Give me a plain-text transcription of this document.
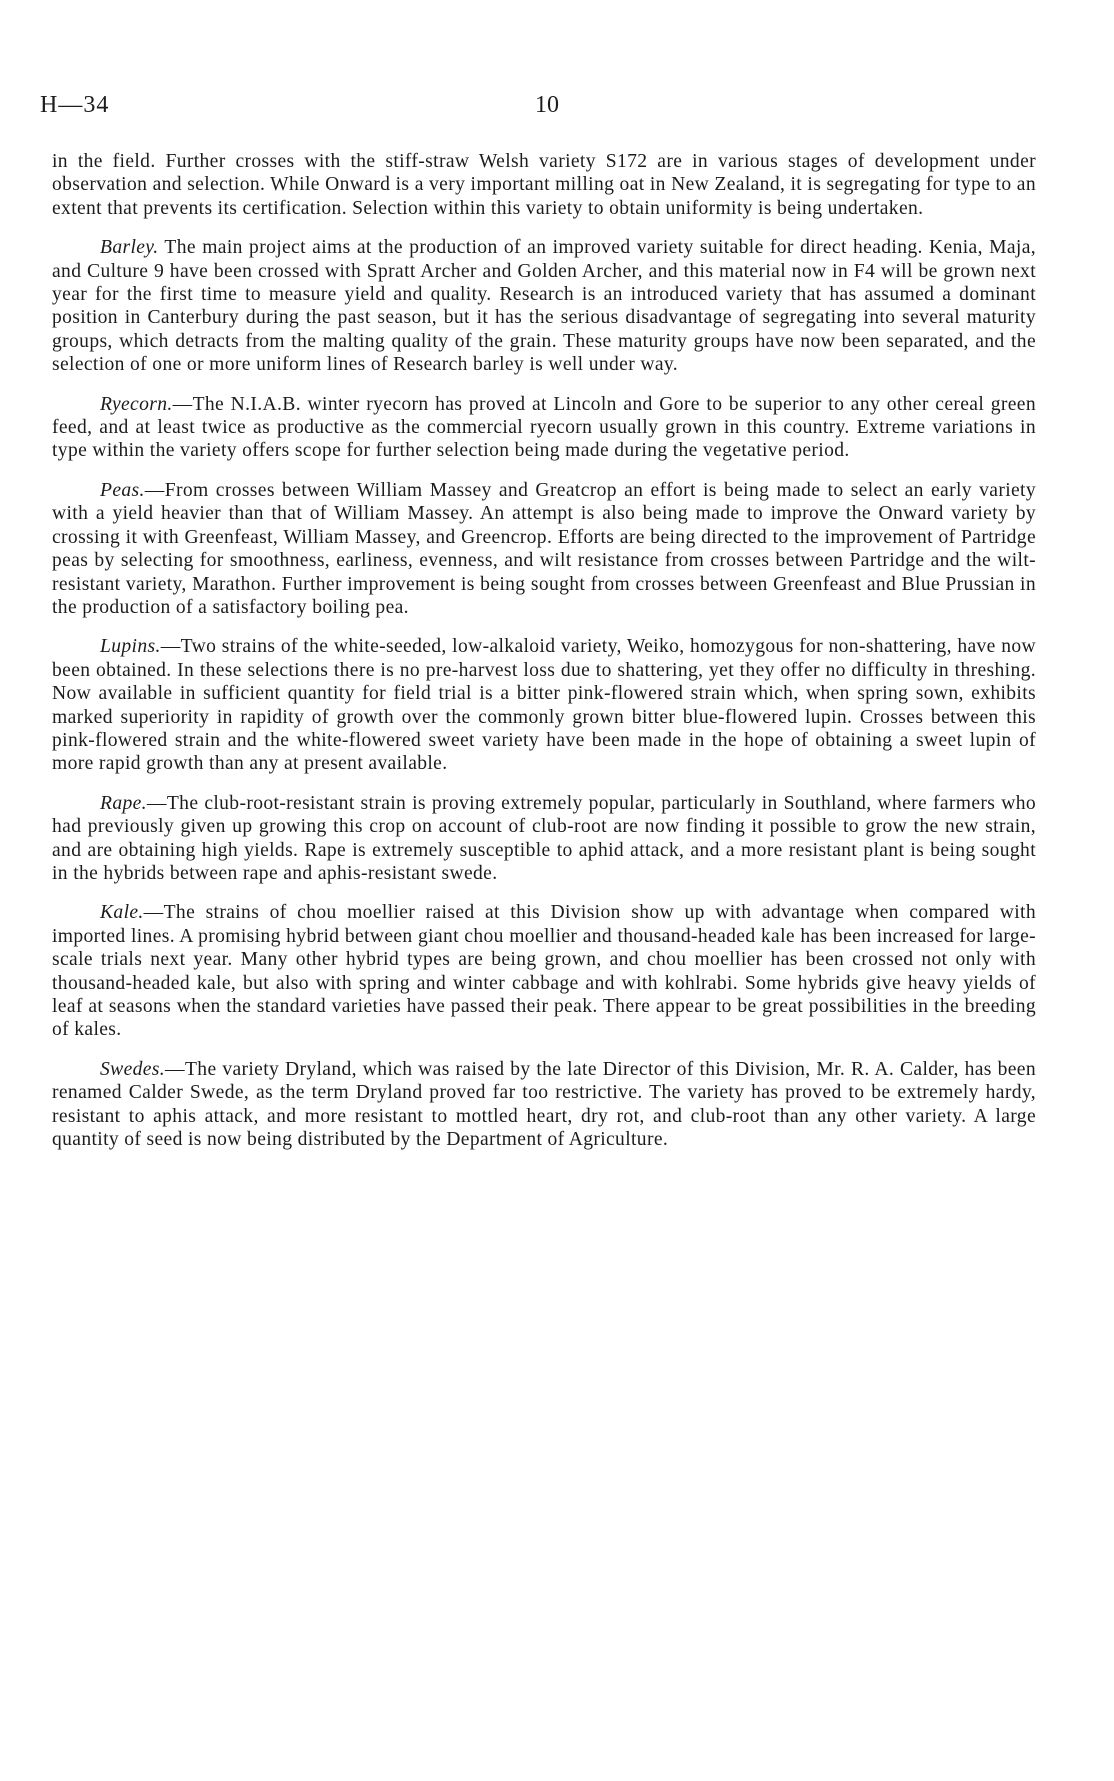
H—34	10

in the field. Further crosses with the stiff-straw Welsh variety S172 are in various stages of development under observation and selection. While Onward is a very important milling oat in New Zealand, it is segregating for type to an extent that prevents its certification. Selection within this variety to obtain uniformity is being undertaken.

Barley. The main project aims at the production of an improved variety suitable for direct heading. Kenia, Maja, and Culture 9 have been crossed with Spratt Archer and Golden Archer, and this material now in F4 will be grown next year for the first time to measure yield and quality. Research is an introduced variety that has assumed a dominant position in Canterbury during the past season, but it has the serious disadvantage of segregating into several maturity groups, which detracts from the malting quality of the grain. These maturity groups have now been separated, and the selection of one or more uniform lines of Research barley is well under way.

Ryecorn.—The N.I.A.B. winter ryecorn has proved at Lincoln and Gore to be superior to any other cereal green feed, and at least twice as productive as the commercial ryecorn usually grown in this country. Extreme variations in type within the variety offers scope for further selection being made during the vegetative period.

Peas.—From crosses between William Massey and Greatcrop an effort is being made to select an early variety with a yield heavier than that of William Massey. An attempt is also being made to improve the Onward variety by crossing it with Greenfeast, William Massey, and Greencrop. Efforts are being directed to the improvement of Partridge peas by selecting for smoothness, earliness, evenness, and wilt resistance from crosses between Partridge and the wilt-resistant variety, Marathon. Further improvement is being sought from crosses between Greenfeast and Blue Prussian in the production of a satisfactory boiling pea.

Lupins.—Two strains of the white-seeded, low-alkaloid variety, Weiko, homozygous for non-shattering, have now been obtained. In these selections there is no pre-harvest loss due to shattering, yet they offer no difficulty in threshing. Now available in sufficient quantity for field trial is a bitter pink-flowered strain which, when spring sown, exhibits marked superiority in rapidity of growth over the commonly grown bitter blue-flowered lupin. Crosses between this pink-flowered strain and the white-flowered sweet variety have been made in the hope of obtaining a sweet lupin of more rapid growth than any at present available.

Rape.—The club-root-resistant strain is proving extremely popular, particularly in Southland, where farmers who had previously given up growing this crop on account of club-root are now finding it possible to grow the new strain, and are obtaining high yields. Rape is extremely susceptible to aphid attack, and a more resistant plant is being sought in the hybrids between rape and aphis-resistant swede.

Kale.—The strains of chou moellier raised at this Division show up with advantage when compared with imported lines. A promising hybrid between giant chou moellier and thousand-headed kale has been increased for large-scale trials next year. Many other hybrid types are being grown, and chou moellier has been crossed not only with thousand-headed kale, but also with spring and winter cabbage and with kohlrabi. Some hybrids give heavy yields of leaf at seasons when the standard varieties have passed their peak. There appear to be great possibilities in the breeding of kales.

Swedes.—The variety Dryland, which was raised by the late Director of this Division, Mr. R. A. Calder, has been renamed Calder Swede, as the term Dryland proved far too restrictive. The variety has proved to be extremely hardy, resistant to aphis attack, and more resistant to mottled heart, dry rot, and club-root than any other variety. A large quantity of seed is now being distributed by the Department of Agriculture.
